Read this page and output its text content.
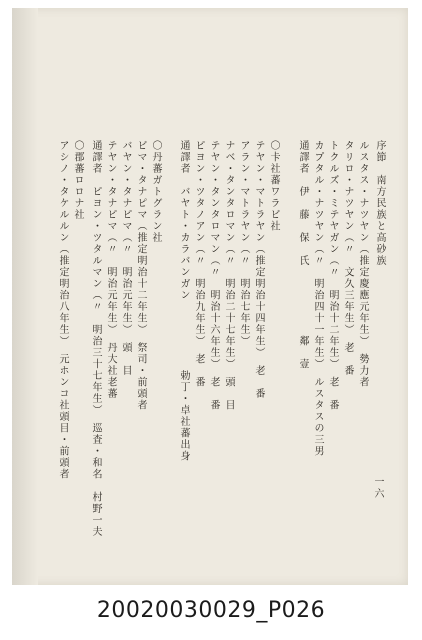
序節　南方民族と高砂族
ルスタス・ナツヤン（推定慶應元年生）　勢力者
タリロ・ナツヤン（〃　文久三年生）　老　番
トクルズ・ミテヤガン（〃　明治十二年生）　老　番
カプタル・ナツヤン（〃　明治四十一年生）　ルスタスの三男
通譯者　伊　藤　保　氏　　　　　　鄰　壹
〇卡社蕃ワラビ社
テヤン・マトラヤン（推定明治十四年生）　老　番
アラン・マトラヤン（〃　明治七年生）
ナベ・タンタロマン（〃　明治二十七年生）　頭　目
テヤン・タンタロマン（〃　明治十六年生）　老　番
ピヨン・ツタノアン（〃　明治九年生）　老　番
通譯者　バヤト・カラバンガン　　　　　　勅丁・卓社蕃出身
〇丹蕃ガトグラン社
ビマ・タナピマ（推定明治十二年生）　祭司・前頭者
バヤン・タナピマ（〃　明治元年生）　頭　目
テヤン・タナピマ（〃　明治元年生）　丹大社老蕃
通譯者　ピヨン・ツタルマン（〃　明治三十七年生）　巡査・和名　村野一夫
〇郡蕃ロロナ社
アシノ・タケルルン（推定明治八年生）　元ホンコ社頭目・前頭者
一六
20020030029_P026
